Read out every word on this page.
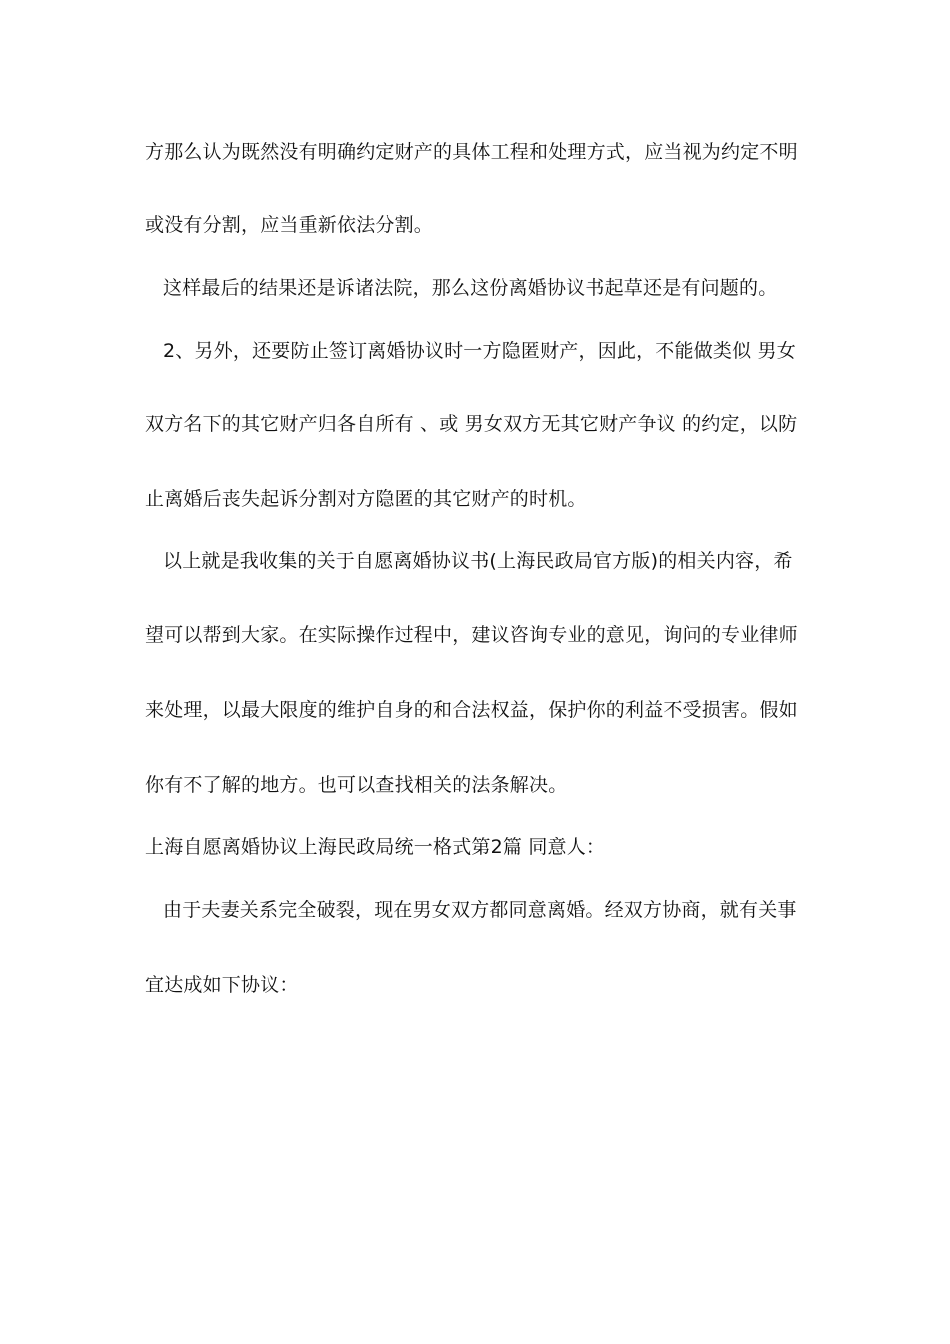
方那么认为既然没有明确约定财产的具体工程和处理方式，应当视为约定不明
或没有分割，应当重新依法分割。
这样最后的结果还是诉诸法院，那么这份离婚协议书起草还是有问题的。
2、另外，还要防止签订离婚协议时一方隐匿财产，因此，不能做类似 男女
双方名下的其它财产归各自所有 、或 男女双方无其它财产争议 的约定，以防
止离婚后丧失起诉分割对方隐匿的其它财产的时机。
以上就是我收集的关于自愿离婚协议书(上海民政局官方版)的相关内容，希
望可以帮到大家。在实际操作过程中，建议咨询专业的意见，询问的专业律师
来处理，以最大限度的维护自身的和合法权益，保护你的利益不受损害。假如
你有不了解的地方。也可以查找相关的法条解决。
上海自愿离婚协议上海民政局统一格式第2篇 同意人：
由于夫妻关系完全破裂，现在男女双方都同意离婚。经双方协商，就有关事
宜达成如下协议：
